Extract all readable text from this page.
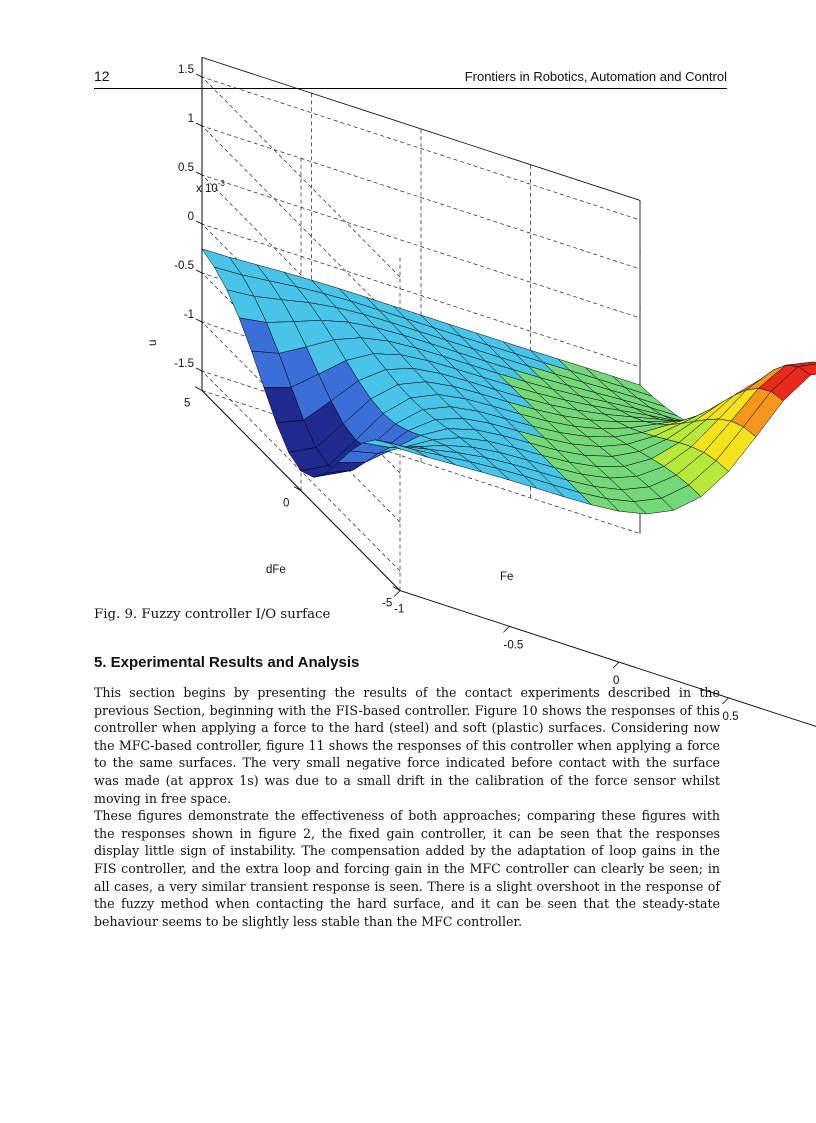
12	Frontiers in Robotics, Automation and Control
x $10^{-3}$
u
dFe
Fe
-1
-0.5
0
0.5
-5
0
5
1.5
1
0.5
0
-0.5
-1
-1.5
Fig. 9. Fuzzy controller I/O surface
5. Experimental Results and Analysis

This section begins by presenting the results of the contact experiments described in the previous Section, beginning with the FIS-based controller. Figure 10 shows the responses of this controller when applying a force to the hard (steel) and soft (plastic) surfaces. Considering now the MFC-based controller, figure 11 shows the responses of this controller when applying a force to the same surfaces. The very small negative force indicated before contact with the surface was made (at approx 1s) was due to a small drift in the calibration of the force sensor whilst moving in free space.

These figures demonstrate the effectiveness of both approaches; comparing these figures with the responses shown in figure 2, the fixed gain controller, it can be seen that the responses display little sign of instability. The compensation added by the adaptation of loop gains in the FIS controller, and the extra loop and forcing gain in the MFC controller can clearly be seen; in all cases, a very similar transient response is seen. There is a slight overshoot in the response of the fuzzy method when contacting the hard surface, and it can be seen that the steady-state behaviour seems to be slightly less stable than the MFC controller.
